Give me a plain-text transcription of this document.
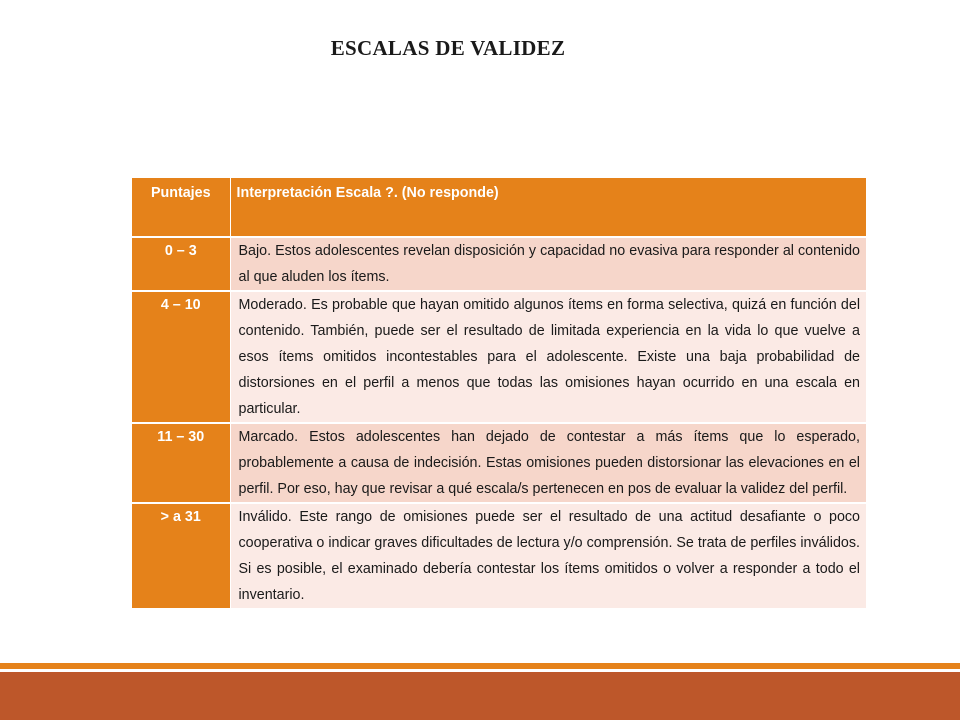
ESCALAS DE VALIDEZ
Puntajes	Interpretación Escala ?. (No responde)
0 – 3	Bajo. Estos adolescentes revelan disposición y capacidad no evasiva para responder al contenido al que aluden los ítems.
4 – 10	Moderado. Es probable que hayan omitido algunos ítems en forma selectiva, quizá en función del contenido. También, puede ser el resultado de limitada experiencia en la vida lo que vuelve a esos ítems omitidos incontestables para el adolescente. Existe una baja probabilidad de distorsiones en el perfil a menos que todas las omisiones hayan ocurrido en una escala en particular.
11 – 30	Marcado. Estos adolescentes han dejado de contestar a más ítems que lo esperado, probablemente a causa de indecisión. Estas omisiones pueden distorsionar las elevaciones en el perfil. Por eso, hay que revisar a qué escala/s pertenecen en pos de evaluar la validez del perfil.
> a 31	Inválido. Este rango de omisiones puede ser el resultado de una actitud desafiante o poco cooperativa o indicar graves dificultades de lectura y/o comprensión. Se trata de perfiles inválidos. Si es posible, el examinado debería contestar los ítems omitidos o volver a responder a todo el inventario.
